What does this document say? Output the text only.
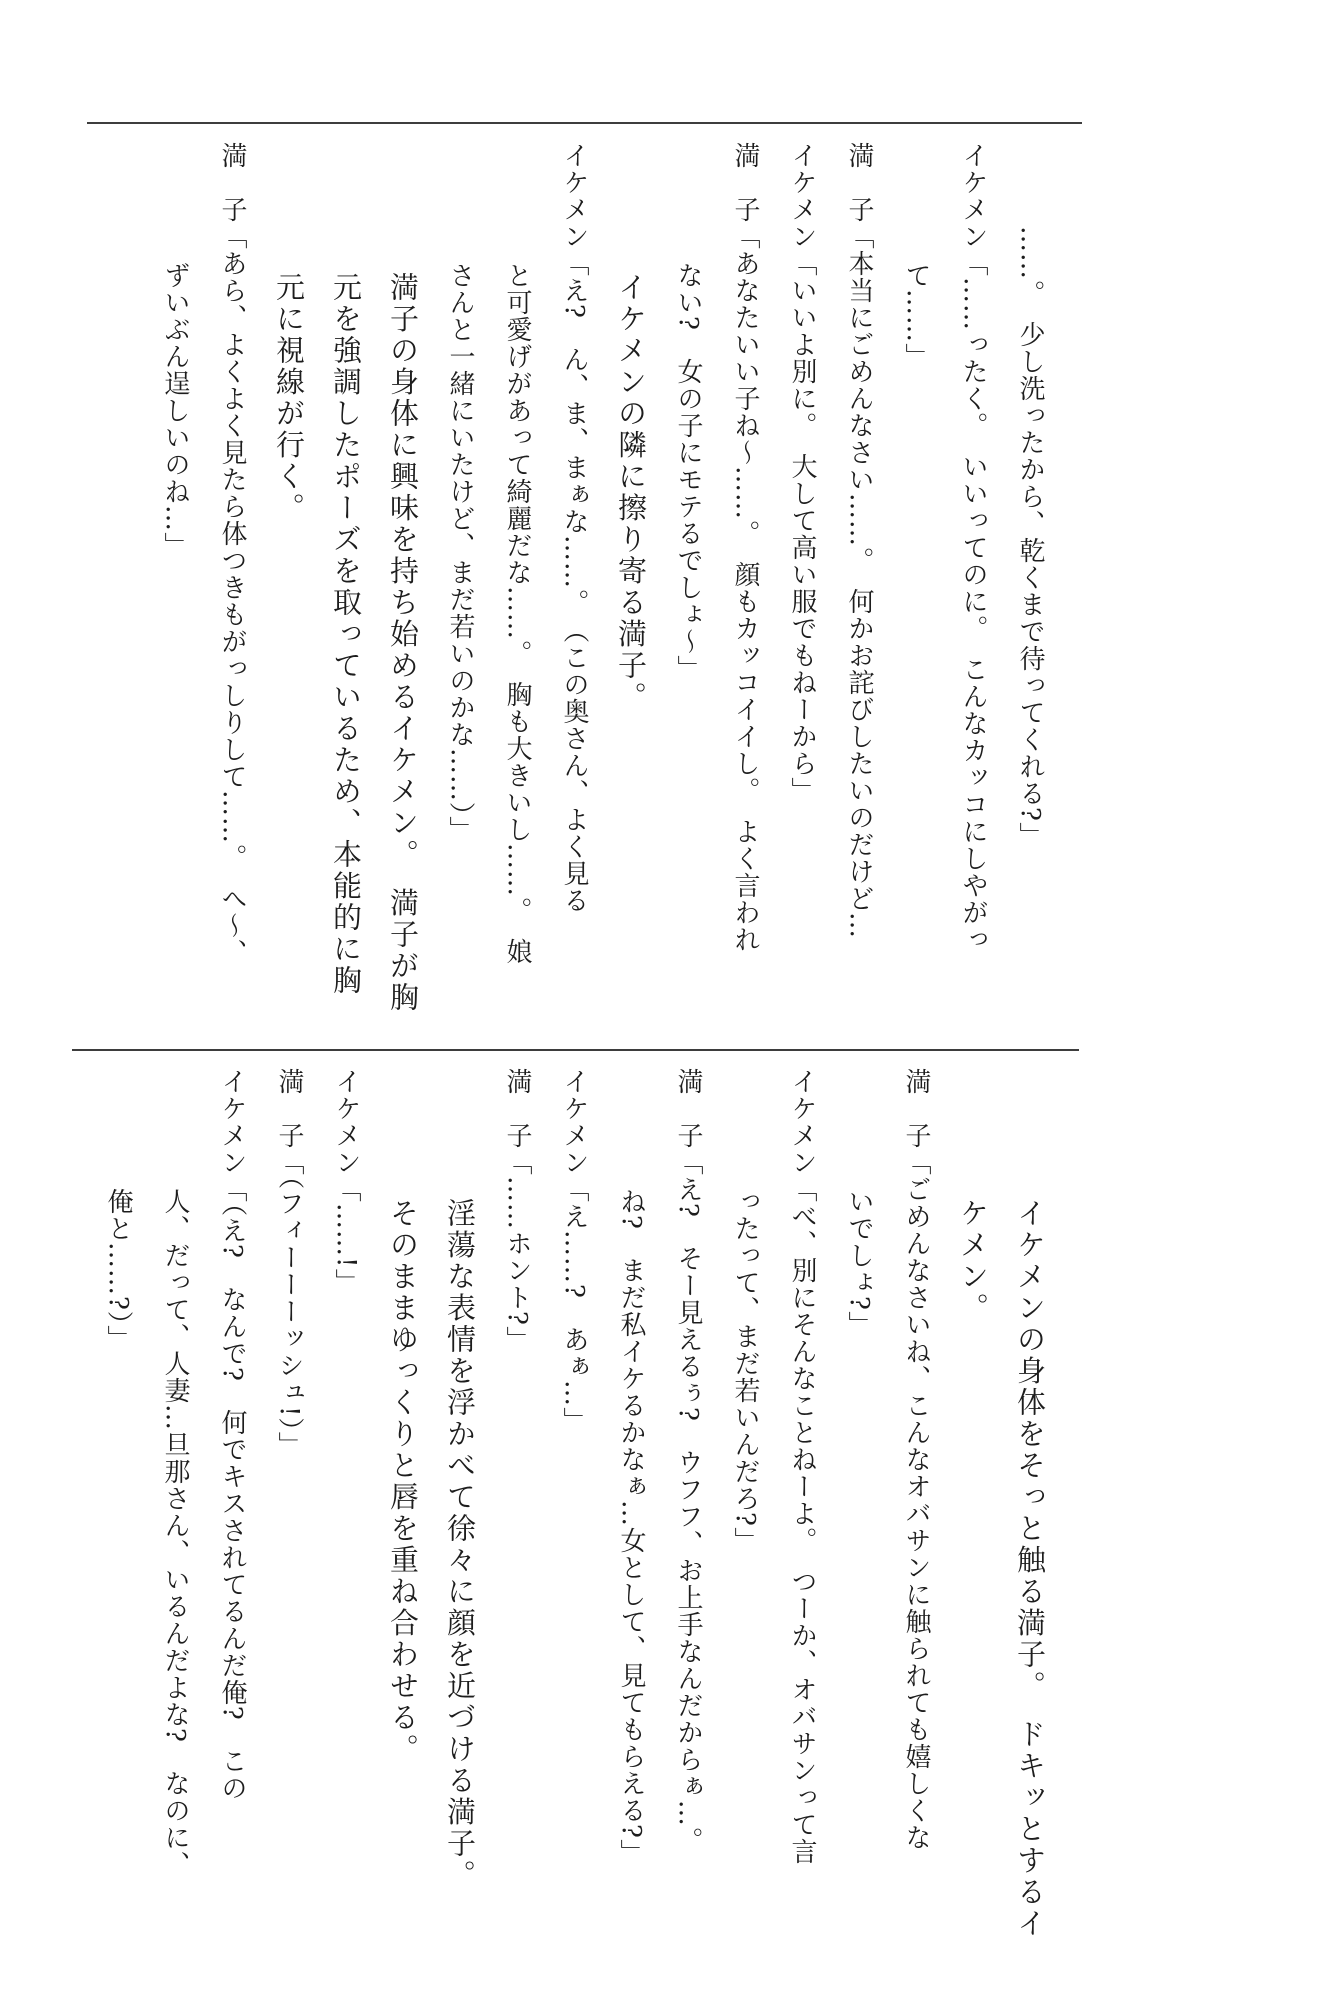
……。　少し洗ったから、乾くまで待ってくれる?」

イケメン「……ったく。　いいってのに。　こんなカッコにしやがっ

て……」

満　子「本当にごめんなさい……。　何かお詫びしたいのだけど…

イケメン「いいよ別に。　大して高い服でもねーから」

満　子「あなたいい子ね〜……。　顔もカッコイイし。　よく言われ

ない?　女の子にモテるでしょ〜」

イケメンの隣に擦り寄る満子。

イケメン「え?　ん、ま、まぁな……。　（この奥さん、よく見る

と可愛げがあって綺麗だな……。　胸も大きいし……。　娘

さんと一緒にいたけど、まだ若いのかな……）」

満子の身体に興味を持ち始めるイケメン。　満子が胸

元を強調したポーズを取っているため、本能的に胸

元に視線が行く。

満　子「あら、よくよく見たら体つきもがっしりして……。　へ〜、

ずいぶん逞しいのね…」

イケメンの身体をそっと触る満子。　ドキッとするイ

ケメン。

満　子「ごめんなさいね、こんなオバサンに触られても嬉しくな

いでしょ?」

イケメン「べ、別にそんなことねーよ。　つーか、オバサンって言

ったって、まだ若いんだろ?」

満　子「え?　そー見えるぅ?　ウフフ、お上手なんだからぁ…。

ね?　まだ私イケるかなぁ…女として、見てもらえる?」

イケメン「え……?　あぁ…」

満　子「……ホント?」

淫蕩な表情を浮かべて徐々に顔を近づける満子。

そのままゆっくりと唇を重ね合わせる。

イケメン「……!」

満　子「（フィーーーッシュ!）」

イケメン「（え?　なんで?　何でキスされてるんだ俺?　この

人、だって、人妻…旦那さん、いるんだよな?　なのに、

俺と……?）」
